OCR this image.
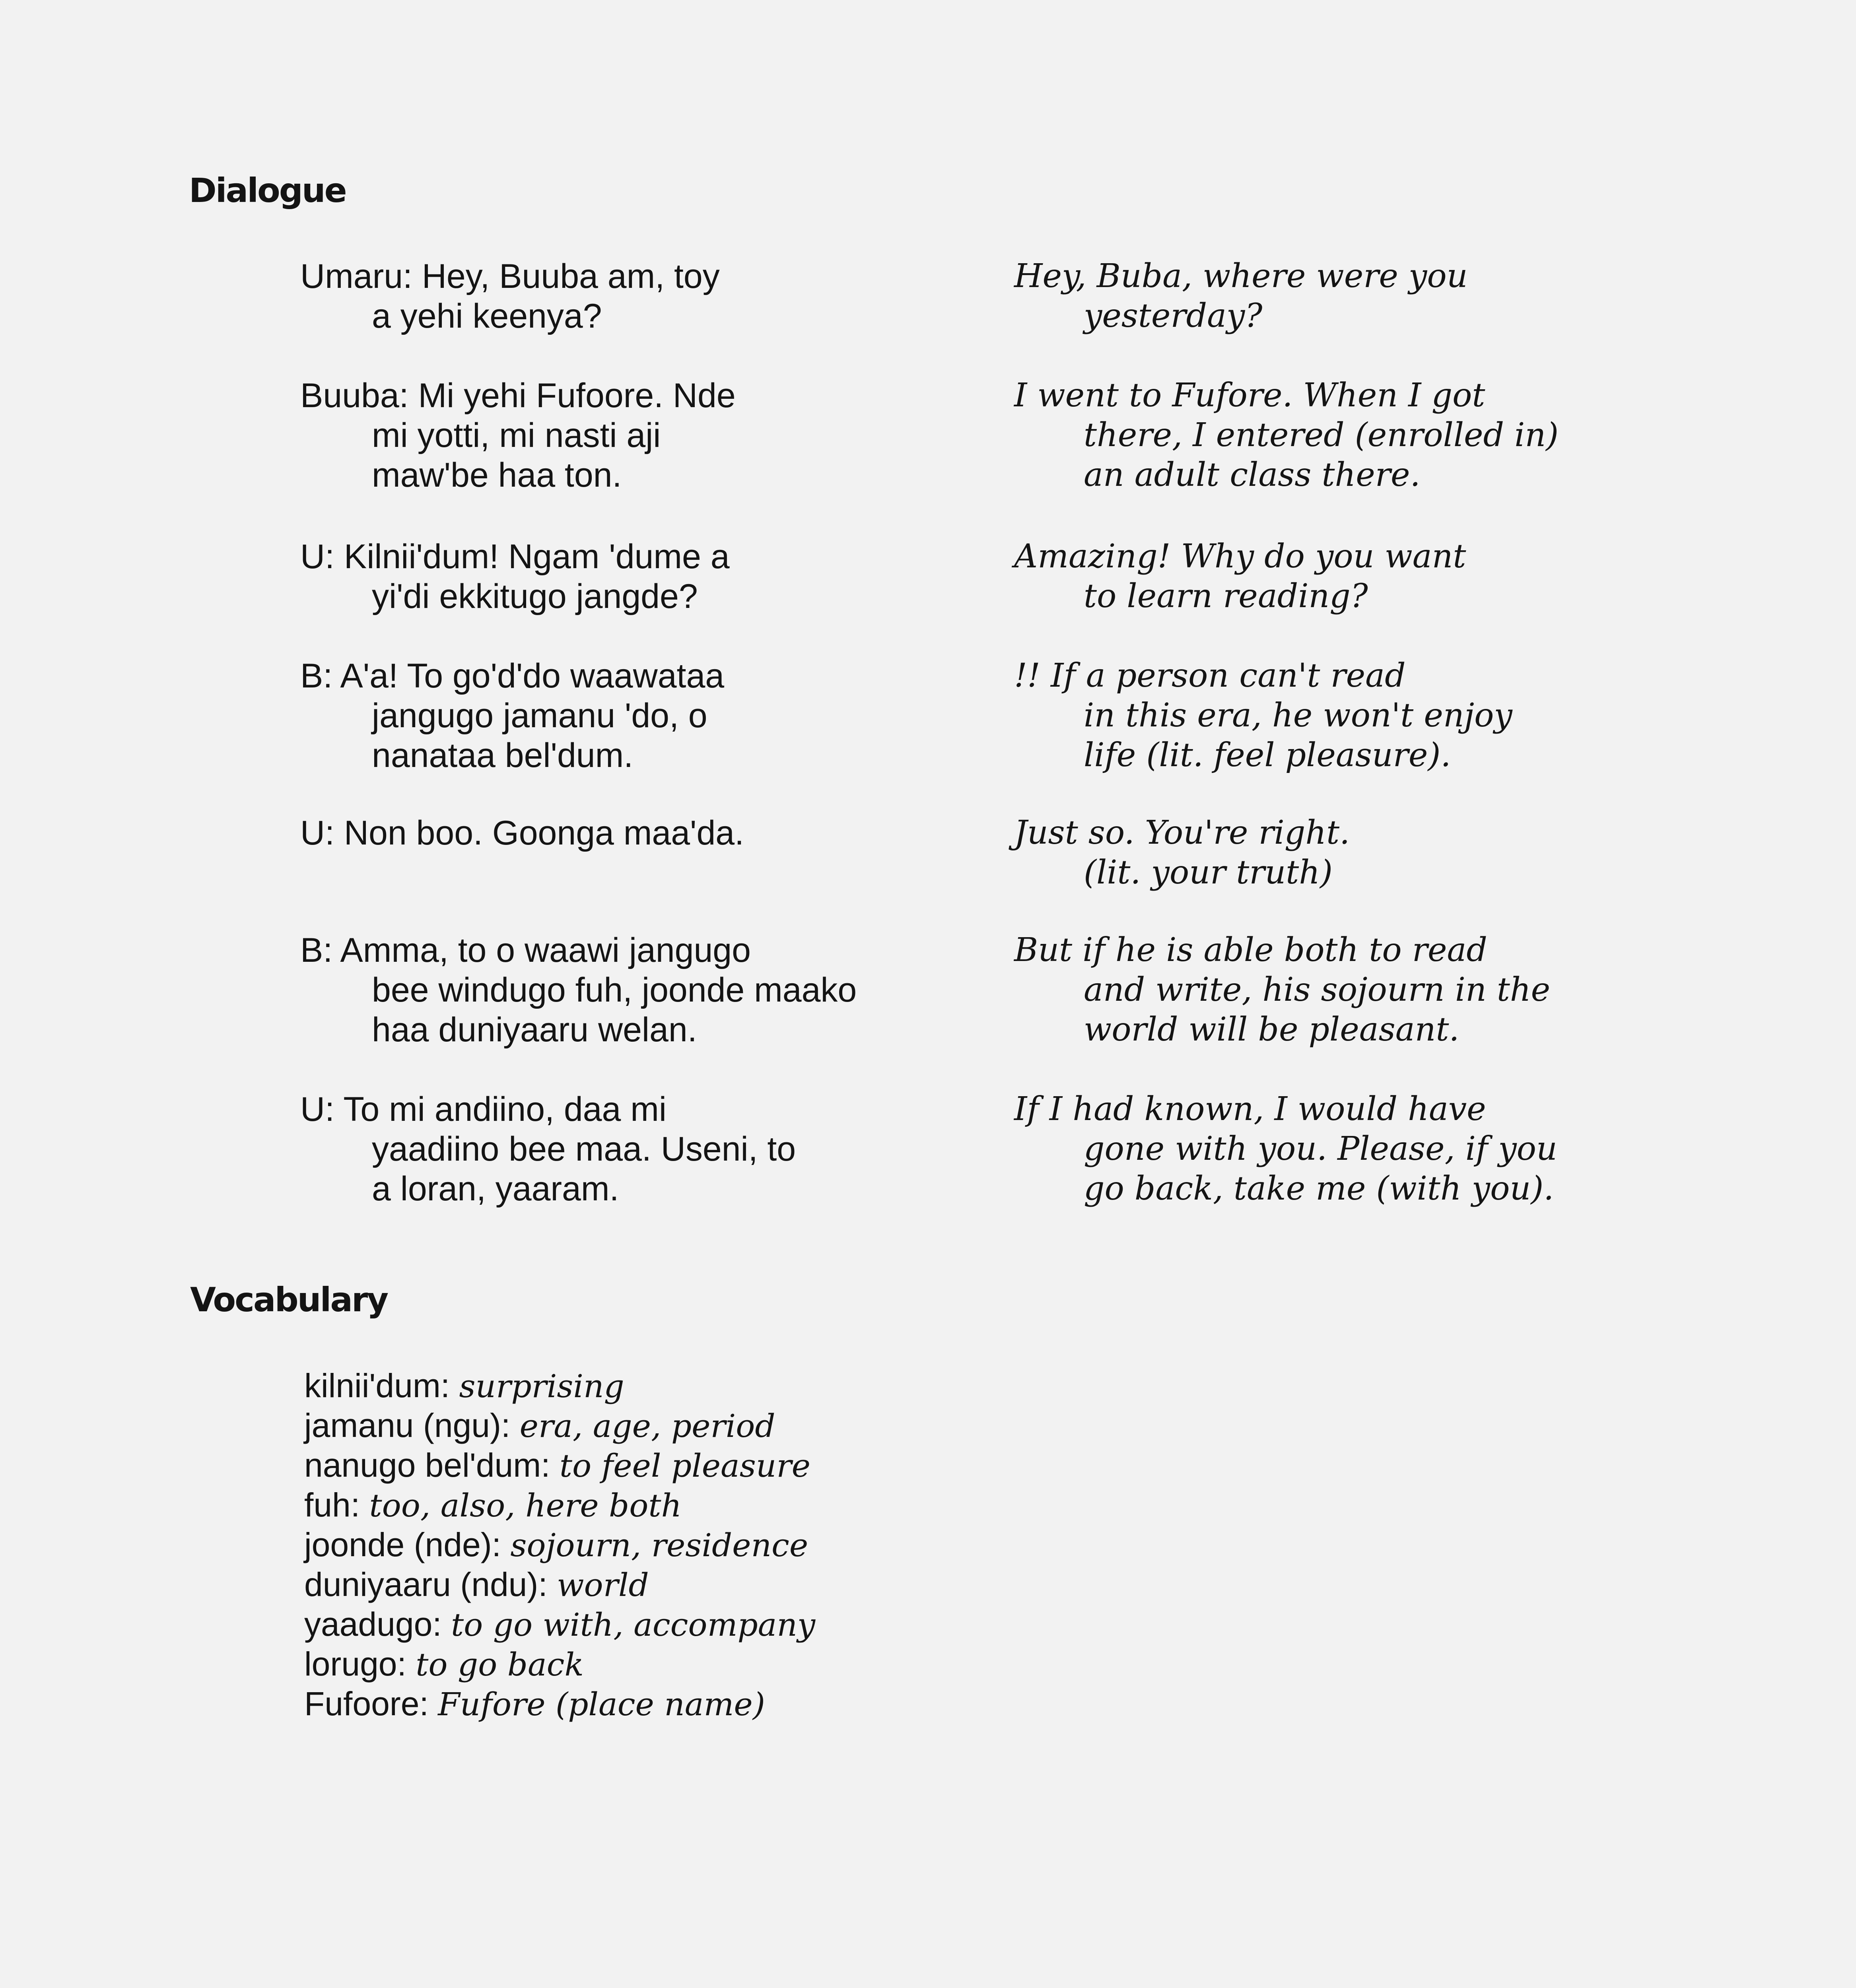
Dialogue
Umaru: Hey, Buuba am, toy
a yehi keenya?
Hey, Buba, where were you
yesterday?
Buuba: Mi yehi Fufoore. Nde
mi yotti, mi nasti aji
maw'be haa ton.
I went to Fufore. When I got
there, I entered (enrolled in)
an adult class there.
U: Kilnii'dum! Ngam 'dume a
yi'di ekkitugo jangde?
Amazing! Why do you want
to learn reading?
B: A'a! To go'd'do waawataa
jangugo jamanu 'do, o
nanataa bel'dum.
!! If a person can't read
in this era, he won't enjoy
life (lit. feel pleasure).
U: Non boo. Goonga maa'da.	Just so. You're right.
(lit. your truth)
B: Amma, to o waawi jangugo
bee windugo fuh, joonde maako
haa duniyaaru welan.
But if he is able both to read
and write, his sojourn in the
world will be pleasant.
U: To mi andiino, daa mi
yaadiino bee maa. Useni, to
a loran, yaaram.
If I had known, I would have
gone with you. Please, if you
go back, take me (with you).
Vocabulary
kilnii'dum: surprising
jamanu (ngu): era, age, period
nanugo bel'dum: to feel pleasure
fuh: too, also, here both
joonde (nde): sojourn, residence
duniyaaru (ndu): world
yaadugo: to go with, accompany
lorugo: to go back
Fufoore: Fufore (place name)
